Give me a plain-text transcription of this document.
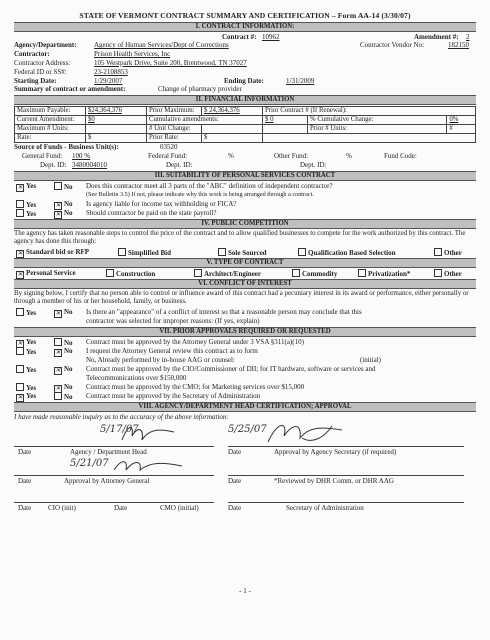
STATE OF VERMONT CONTRACT SUMMARY AND CERTIFICATION – Form AA-14 (3/30/07)
I. CONTRACT INFORMATION:
Contract #: 10962	Amendment #: 2
Agency/Department: Agency of Human Services/Dept of Corrections	Contractor Vendor No:	182150
Contractor:	Prison Health Services, Inc
Contractor Address:	105 Westpark Drive, Suite 200, Brentwood, TN 37027
Federal ID or SS#:	23-2108853
Starting Date:	1/29/2007	Ending Date:	1/31/2009
Summary of contract or amendment:	Change of pharmacy provider
II. FINANCIAL INFORMATION
Maximum Payable:	$24,364,376	Prior Maximum:	$ 24,364,376	Prior Contract # (If Renewal):		
Current Amendment:	$0	Cumulative amendments:		$ 0	% Cumulative Change:	0%
Maximum # Units:		# Unit Change:			Prior # Units:	#
Rate:	$	Prior Rate:	$			
Source of Funds - Business Unit(s):	03520
General Fund: 100 %	Federal Fund:	%	Other Fund:	%	Fund Code:
Dept. ID: 3480004010	Dept. ID:	Dept. ID:
III. SUITABILITY OF PERSONAL SERVICES CONTRACT
✕ Yes	No Does this contractor meet all 3 parts of the "ABC" definition of independent contractor?
(See Bulletin 3.5) If not, please indicate why this work is being arranged through a contract.
Yes	✕ No Is agency liable for income tax withholding or FICA?
Yes	✕ No Should contractor be paid on the state payroll?
IV. PUBLIC COMPETITION
The agency has taken reasonable steps to control the price of the contract and to allow qualified businesses to compete for the work authorized by this contract. The agency has done this through:
✕ Standard bid or RFP	Simplified Bid	Sole Sourced	Qualification Based Selection	Other
V. TYPE OF CONTRACT
✕ Personal Service	Construction	Architect/Engineer	Commodity	Privatization*	Other
VI. CONFLICT OF INTEREST
By signing below, I certify that no person able to control or influence award of this contract had a pecuniary interest in its award or performance, either personally or through a member of his or her household, family, or business.
Yes	✕ No Is there an "appearance" of a conflict of interest so that a reasonable person may conclude that this
contractor was selected for improper reasons: (If yes, explain)
VII. PRIOR APPROVALS REQUIRED OR REQUESTED
✕ Yes	No Contract must be approved by the Attorney General under 3 VSA §311(a)(10)
Yes	✕ No I request the Attorney General review this contract as to form
No, Already performed by in-house AAG or counsel:	(initial)
Yes	✕ No Contract must be approved by the CIO/Commissioner of DII; for IT hardware, software or services and
Telecommunications over $150,000
Yes	✕ No Contract must be approved by the CMO; for Marketing services over $15,000
✕ Yes	No Contract must be approved by the Secretary of Administration
VIII. AGENCY/DEPARTMENT HEAD CERTIFICATION; APPROVAL
I have made reasonable inquiry as to the accuracy of the above information:
5/17/07	5/25/07
Date	Agency / Department Head	Date	Approval by Agency Secretary (if required)
5/21/07
Date	Approval by Attorney General	Date	*Reviewed by DHR Comm. or DHR AAG
Date CIO (init)	Date	CMO (initial)	Date	Secretary of Administration
- 1 -
